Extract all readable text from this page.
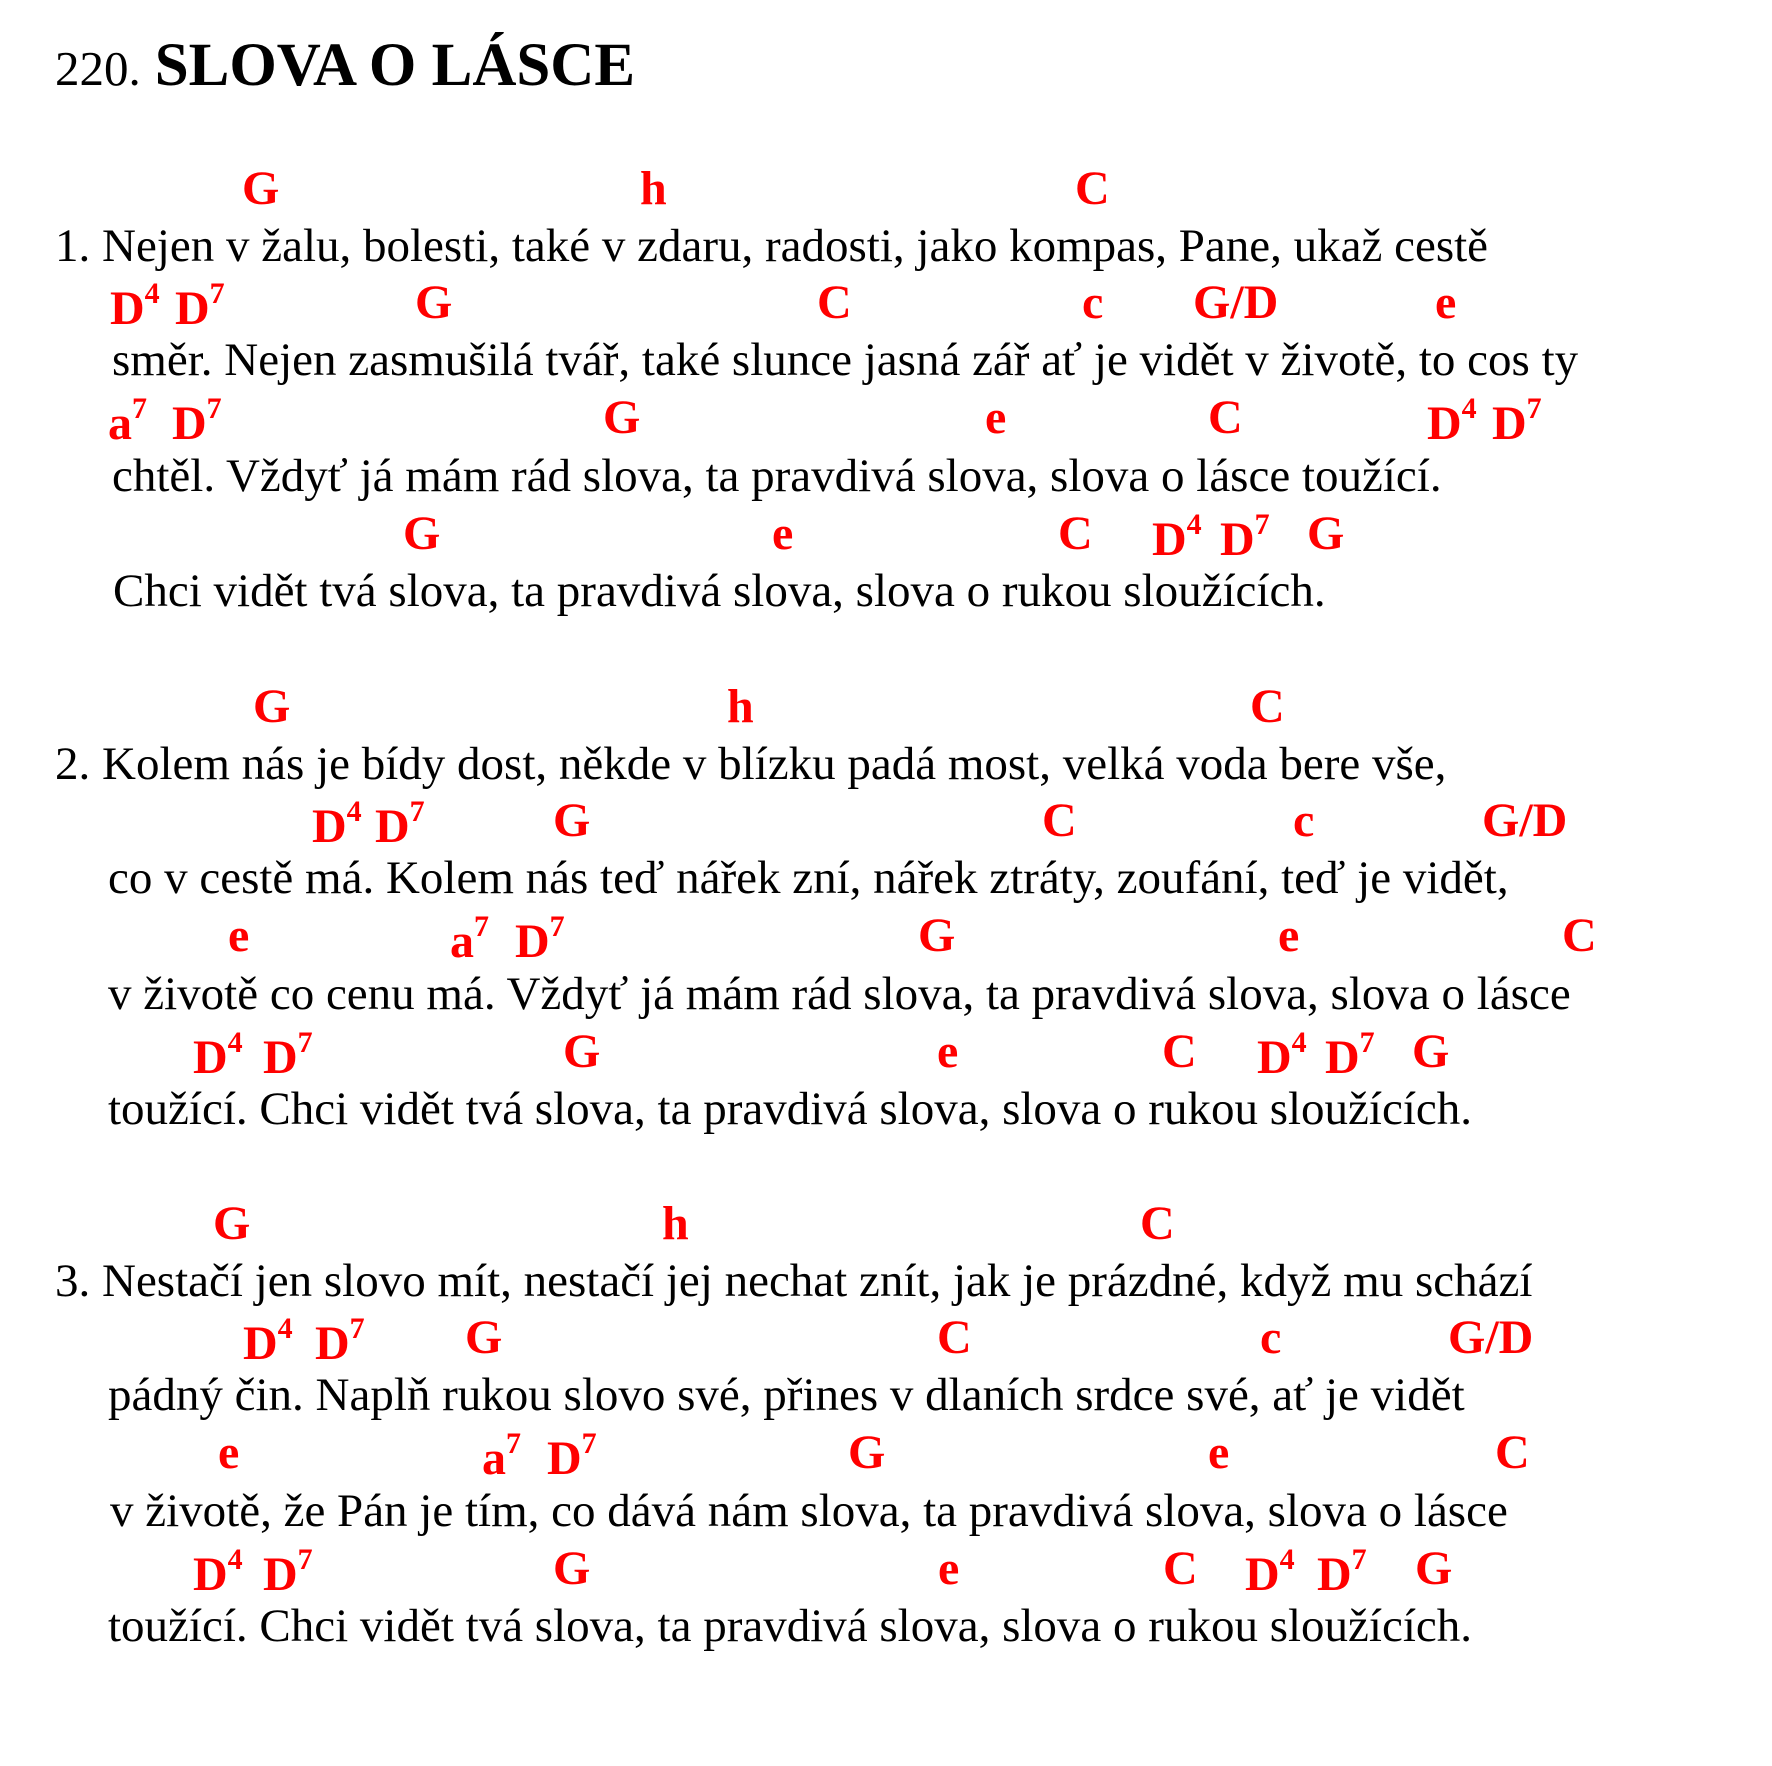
220. SLOVA O LÁSCE
G	h	C
1. Nejen v žalu, bolesti, také v zdaru, radosti, jako kompas, Pane, ukaž cestě
$D^4$ $D^7$	G	C	c G/D	e
směr. Nejen zasmušilá tvář, také slunce jasná zář ať je vidět v životě, to cos ty
$a^7$ $D^7$	G	e	C	$D^4$ $D^7$
chtěl. Vždyť já mám rád slova, ta pravdivá slova, slova o lásce toužící.
G	e	C $D^4$ $D^7$ G
Chci vidět tvá slova, ta pravdivá slova, slova o rukou sloužících.
G	h	C
2. Kolem nás je bídy dost, někde v blízku padá most, velká voda bere vše,
$D^4$ $D^7$	G	C	c	G/D
co v cestě má. Kolem nás teď nářek zní, nářek ztráty, zoufání, teď je vidět,
e	$a^7$ $D^7$	G	e	C
v životě co cenu má. Vždyť já mám rád slova, ta pravdivá slova, slova o lásce
$D^4$ $D^7$	G	e	C $D^4$ $D^7$ G
toužící. Chci vidět tvá slova, ta pravdivá slova, slova o rukou sloužících.
G	h	C
3. Nestačí jen slovo mít, nestačí jej nechat znít, jak je prázdné, když mu schází
$D^4$ $D^7$ G	C	c	G/D
pádný čin. Naplň rukou slovo své, přines v dlaních srdce své, ať je vidět
e	$a^7$ $D^7$	G	e	C
v životě, že Pán je tím, co dává nám slova, ta pravdivá slova, slova o lásce
$D^4$ $D^7$	G	e	C $D^4$ $D^7$ G
toužící. Chci vidět tvá slova, ta pravdivá slova, slova o rukou sloužících.
